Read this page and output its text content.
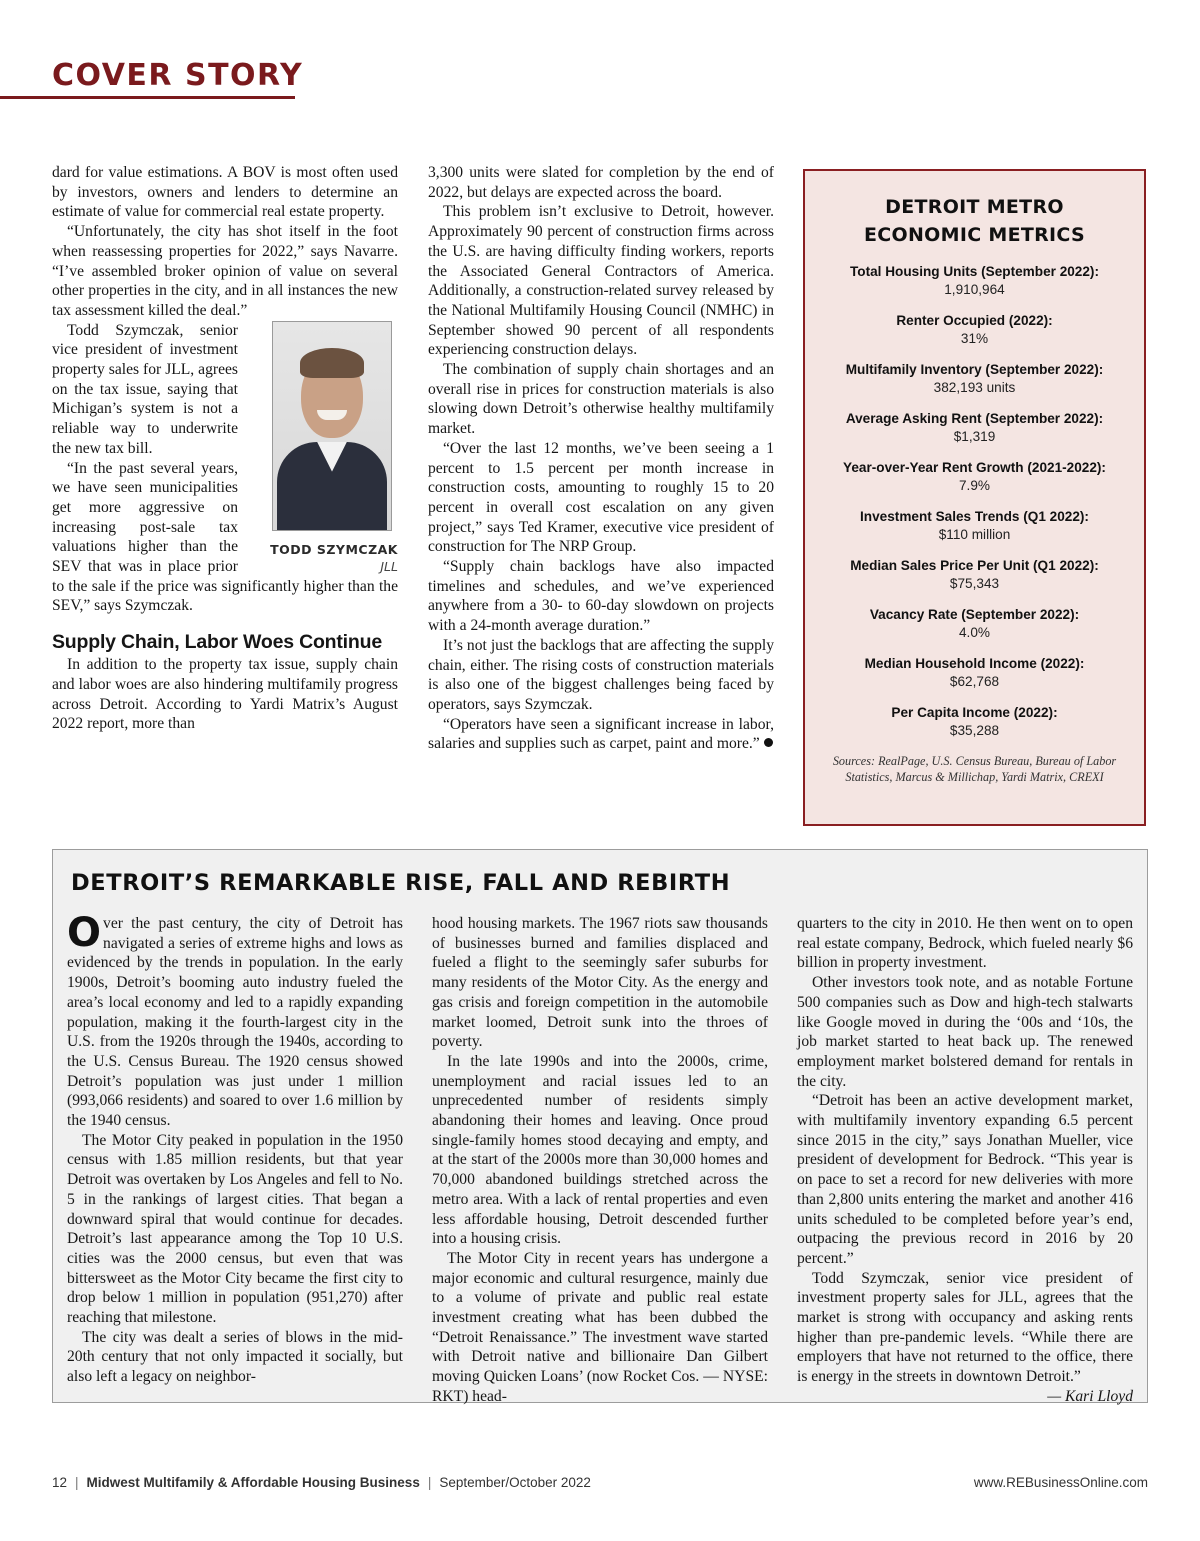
COVER STORY

dard for value estimations. A BOV is most often used by investors, owners and lenders to determine an estimate of value for commercial real estate property.

“Unfortunately, the city has shot itself in the foot when reassessing properties for 2022,” says Navarre. “I’ve assembled broker opinion of value on several other properties in the city, and in all instances the new tax assessment killed the deal.”

TODD SZYMCZAK
JLL

Todd Szymczak, senior vice president of investment property sales for JLL, agrees on the tax issue, saying that Michigan’s system is not a reliable way to underwrite the new tax bill.

“In the past several years, we have seen municipalities get more aggressive on increasing post-sale tax valuations higher than the SEV that was in place prior to the sale if the price was significantly higher than the SEV,” says Szymczak.

Supply Chain, Labor Woes Continue

In addition to the property tax issue, supply chain and labor woes are also hindering multifamily progress across Detroit. According to Yardi Matrix’s August 2022 report, more than

3,300 units were slated for completion by the end of 2022, but delays are expected across the board.

This problem isn’t exclusive to Detroit, however. Approximately 90 percent of construction firms across the U.S. are having difficulty finding workers, reports the Associated General Contractors of America. Additionally, a construction-related survey released by the National Multifamily Housing Council (NMHC) in September showed 90 percent of all respondents experiencing construction delays.

The combination of supply chain shortages and an overall rise in prices for construction materials is also slowing down Detroit’s otherwise healthy multifamily market.

“Over the last 12 months, we’ve been seeing a 1 percent to 1.5 percent per month increase in construction costs, amounting to roughly 15 to 20 percent in overall cost escalation on any given project,” says Ted Kramer, executive vice president of construction for The NRP Group.

“Supply chain backlogs have also impacted timelines and schedules, and we’ve experienced anywhere from a 30- to 60-day slowdown on projects with a 24-month average duration.”

It’s not just the backlogs that are affecting the supply chain, either. The rising costs of construction materials is also one of the biggest challenges being faced by operators, says Szymczak.

“Operators have seen a significant increase in labor, salaries and supplies such as carpet, paint and more.”

DETROIT METRO
ECONOMIC METRICS
Total Housing Units (September 2022):
1,910,964
Renter Occupied (2022):
31%
Multifamily Inventory (September 2022):
382,193 units
Average Asking Rent (September 2022):
$1,319
Year-over-Year Rent Growth (2021-2022):
7.9%
Investment Sales Trends (Q1 2022):
$110 million
Median Sales Price Per Unit (Q1 2022):
$75,343
Vacancy Rate (September 2022):
4.0%
Median Household Income (2022):
$62,768
Per Capita Income (2022):
$35,288
Sources: RealPage, U.S. Census Bureau, Bureau of Labor Statistics, Marcus & Millichap, Yardi Matrix, CREXI
DETROIT’S REMARKABLE RISE, FALL AND REBIRTH

Over the past century, the city of Detroit has navigated a series of extreme highs and lows as evidenced by the trends in population. In the early 1900s, Detroit’s booming auto industry fueled the area’s local economy and led to a rapidly expanding population, making it the fourth-largest city in the U.S. from the 1920s through the 1940s, according to the U.S. Census Bureau. The 1920 census showed Detroit’s population was just under 1 million (993,066 residents) and soared to over 1.6 million by the 1940 census.

The Motor City peaked in population in the 1950 census with 1.85 million residents, but that year Detroit was overtaken by Los Angeles and fell to No. 5 in the rankings of largest cities. That began a downward spiral that would continue for decades. Detroit’s last appearance among the Top 10 U.S. cities was the 2000 census, but even that was bittersweet as the Motor City became the first city to drop below 1 million in population (951,270) after reaching that milestone.

The city was dealt a series of blows in the mid-20th century that not only impacted it socially, but also left a legacy on neighbor-

hood housing markets. The 1967 riots saw thousands of businesses burned and families displaced and fueled a flight to the seemingly safer suburbs for many residents of the Motor City. As the energy and gas crisis and foreign competition in the automobile market loomed, Detroit sunk into the throes of poverty.

In the late 1990s and into the 2000s, crime, unemployment and racial issues led to an unprecedented number of residents simply abandoning their homes and leaving. Once proud single-family homes stood decaying and empty, and at the start of the 2000s more than 30,000 homes and 70,000 abandoned buildings stretched across the metro area. With a lack of rental properties and even less affordable housing, Detroit descended further into a housing crisis.

The Motor City in recent years has undergone a major economic and cultural resurgence, mainly due to a volume of private and public real estate investment creating what has been dubbed the “Detroit Renaissance.” The investment wave started with Detroit native and billionaire Dan Gilbert moving Quicken Loans’ (now Rocket Cos. — NYSE: RKT) head-

quarters to the city in 2010. He then went on to open real estate company, Bedrock, which fueled nearly $6 billion in property investment.

Other investors took note, and as notable Fortune 500 companies such as Dow and high-tech stalwarts like Google moved in during the ‘00s and ‘10s, the job market started to heat back up. The renewed employment market bolstered demand for rentals in the city.

“Detroit has been an active development market, with multifamily inventory expanding 6.5 percent since 2015 in the city,” says Jonathan Mueller, vice president of development for Bedrock. “This year is on pace to set a record for new deliveries with more than 2,800 units entering the market and another 416 units scheduled to be completed before year’s end, outpacing the previous record in 2016 by 20 percent.”

Todd Szymczak, senior vice president of investment property sales for JLL, agrees that the market is strong with occupancy and asking rents higher than pre-pandemic levels. “While there are employers that have not returned to the office, there is energy in the streets in downtown Detroit.”
— Kari Lloyd

12 | Midwest Multifamily & Affordable Housing Business | September/October 2022	www.REBusinessOnline.com
